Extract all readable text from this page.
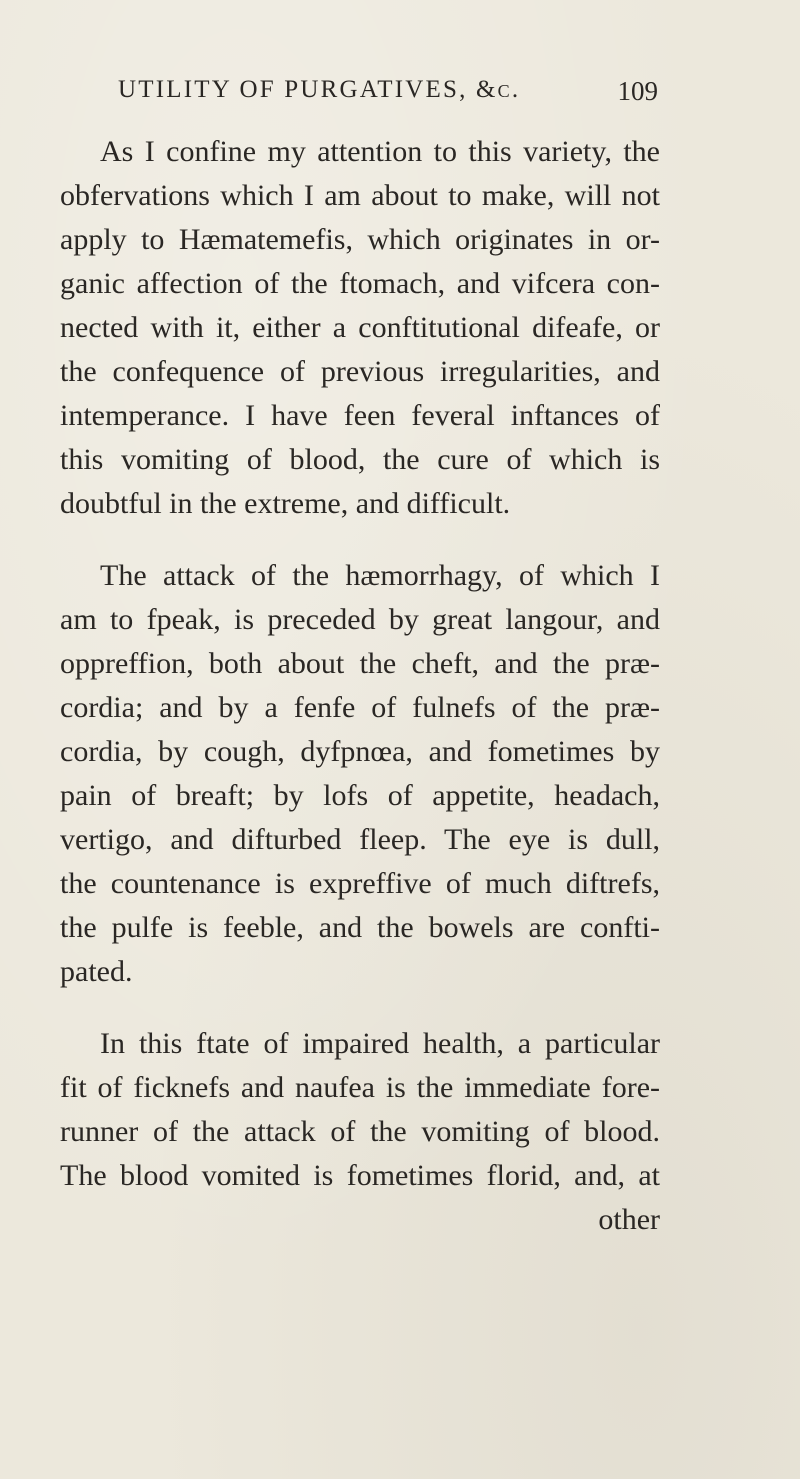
UTILITY OF PURGATIVES, &c.	109
As I confine my attention to this variety, the
obfervations which I am about to make, will not
apply to Hæmatemefis, which originates in or-
ganic affection of the ftomach, and vifcera con-
nected with it, either a conftitutional difeafe, or
the confequence of previous irregularities, and
intemperance. I have feen feveral inftances of
this vomiting of blood, the cure of which is
doubtful in the extreme, and difficult.
The attack of the hæmorrhagy, of which I
am to fpeak, is preceded by great langour, and
oppreffion, both about the cheft, and the præ-
cordia; and by a fenfe of fulnefs of the præ-
cordia, by cough, dyfpnœa, and fometimes by
pain of breaft; by lofs of appetite, headach,
vertigo, and difturbed fleep. The eye is dull,
the countenance is expreffive of much diftrefs,
the pulfe is feeble, and the bowels are confti-
pated.
In this ftate of impaired health, a particular
fit of ficknefs and naufea is the immediate fore-
runner of the attack of the vomiting of blood.
The blood vomited is fometimes florid, and, at
other
